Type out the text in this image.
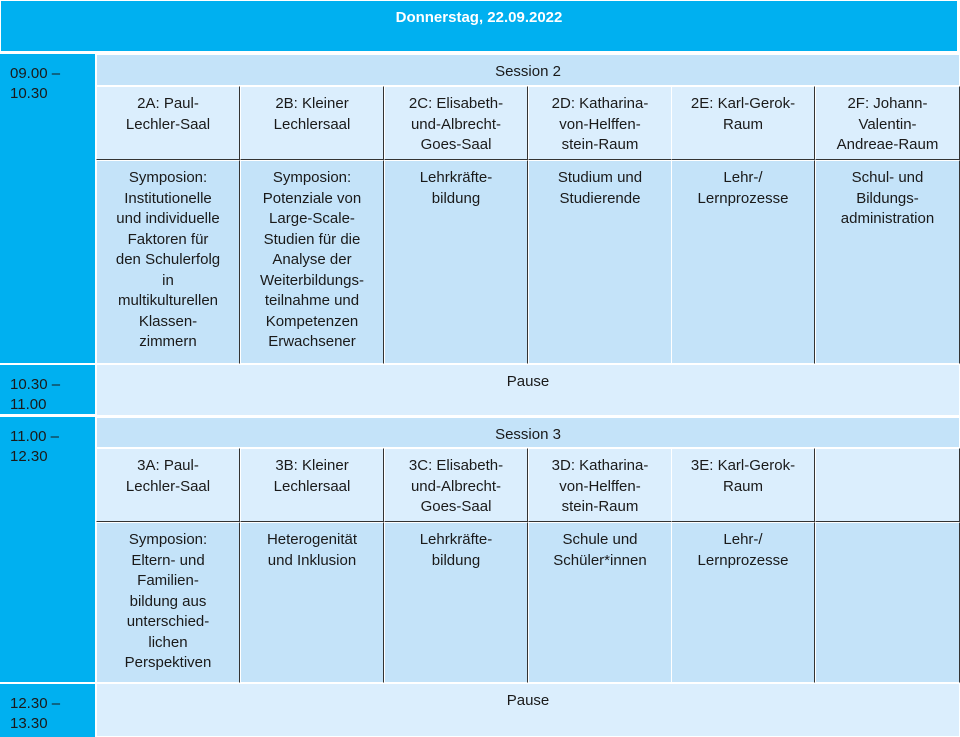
Donnerstag, 22.09.2022
09.00 –
10.30
10.30 –
11.00
11.00 –
12.30
12.30 –
13.30
Session 2
2A: Paul-
Lechler-Saal
2B: Kleiner
Lechlersaal
2C: Elisabeth-
und-Albrecht-
Goes-Saal
2D: Katharina-
von-Helffen-
stein-Raum
2E: Karl-Gerok-
Raum
2F: Johann-
Valentin-
Andreae-Raum
Symposion:
Institutionelle
und individuelle
Faktoren für
den Schulerfolg
in
multikulturellen
Klassen-
zimmern
Symposion:
Potenziale von
Large-Scale-
Studien für die
Analyse der
Weiterbildungs-
teilnahme und
Kompetenzen
Erwachsener
Lehrkräfte-
bildung
Studium und
Studierende
Lehr-/
Lernprozesse
Schul- und
Bildungs-
administration
Pause
Session 3
3A: Paul-
Lechler-Saal
3B: Kleiner
Lechlersaal
3C: Elisabeth-
und-Albrecht-
Goes-Saal
3D: Katharina-
von-Helffen-
stein-Raum
3E: Karl-Gerok-
Raum
Symposion:
Eltern- und
Familien-
bildung aus
unterschied-
lichen
Perspektiven
Heterogenität
und Inklusion
Lehrkräfte-
bildung
Schule und
Schüler*innen
Lehr-/
Lernprozesse
Pause
